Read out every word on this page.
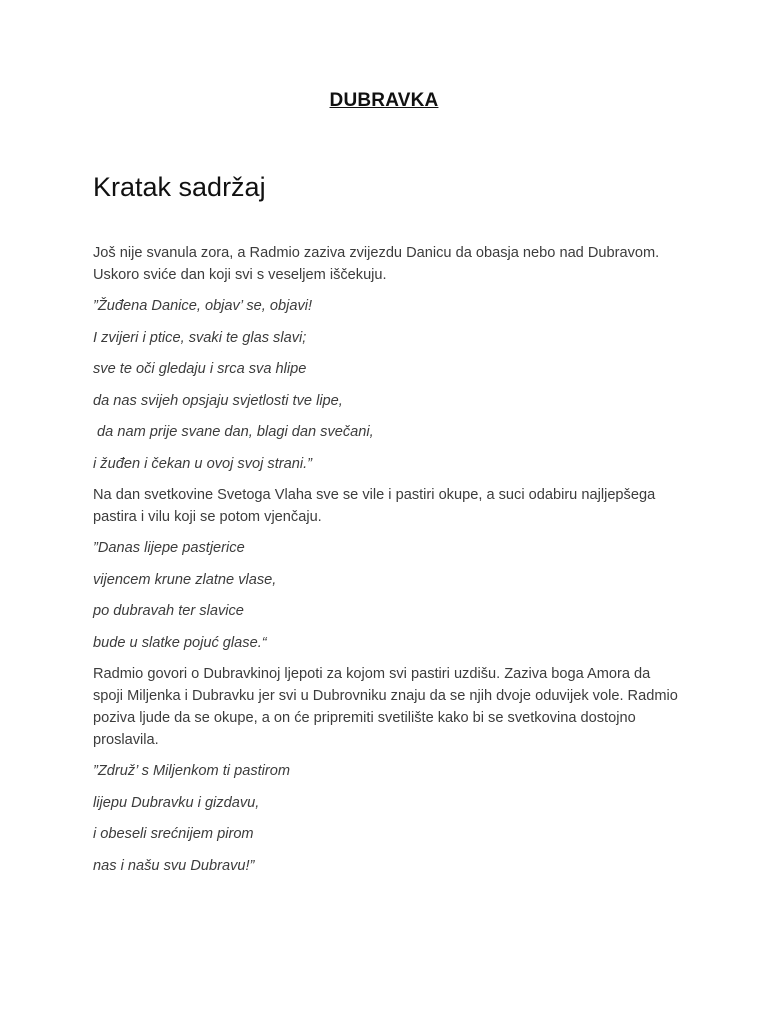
DUBRAVKA
Kratak sadržaj

Još nije svanula zora, a Radmio zaziva zvijezdu Danicu da obasja nebo nad Dubravom. Uskoro sviće dan koji svi s veseljem iščekuju.

”Žuđena Danice, objav’ se, objavi!

I zvijeri i ptice, svaki te glas slavi;

sve te oči gledaju i srca sva hlipe

da nas svijeh opsjaju svjetlosti tve lipe,

da nam prije svane dan, blagi dan svečani,

i žuđen i čekan u ovoj svoj strani.”

Na dan svetkovine Svetoga Vlaha sve se vile i pastiri okupe, a suci odabiru najljepšega pastira i vilu koji se potom vjenčaju.

”Danas lijepe pastjerice

vijencem krune zlatne vlase,

po dubravah ter slavice

bude u slatke pojuć glase.“

Radmio govori o Dubravkinoj ljepoti za kojom svi pastiri uzdišu. Zaziva boga Amora da spoji Miljenka i Dubravku jer svi u Dubrovniku znaju da se njih dvoje oduvijek vole. Radmio poziva ljude da se okupe, a on će pripremiti svetilište kako bi se svetkovina dostojno proslavila.

”Združ’ s Miljenkom ti pastirom

lijepu Dubravku i gizdavu,

i obeseli srećnijem pirom

nas i našu svu Dubravu!”
